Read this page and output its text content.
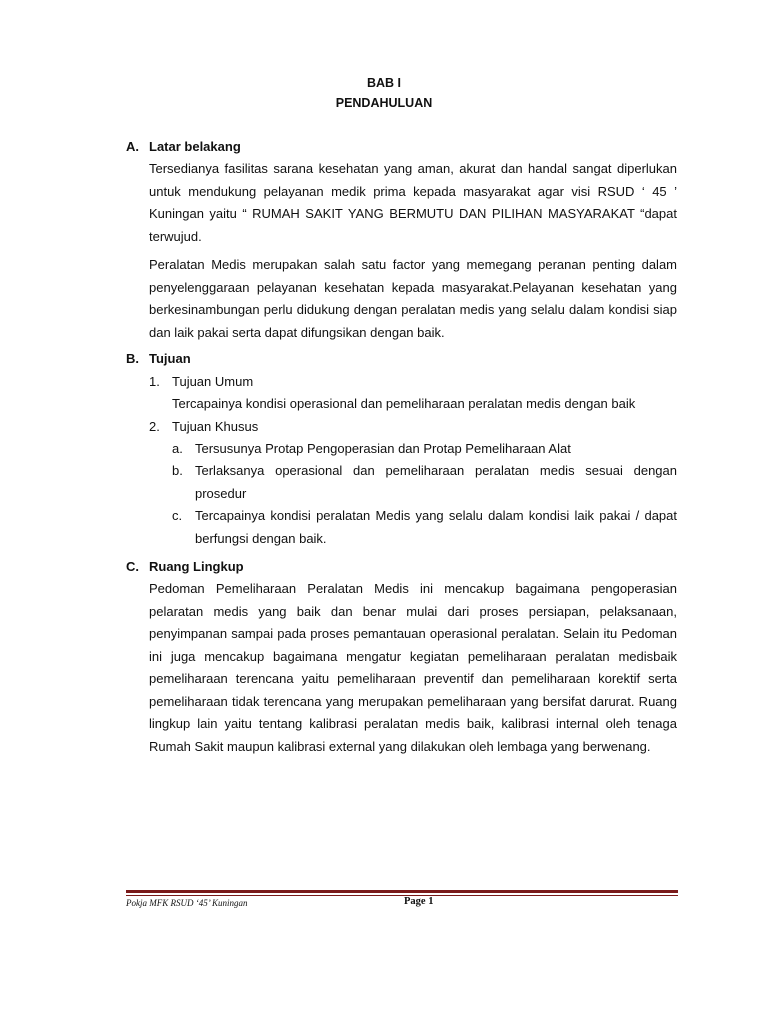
BAB I
PENDAHULUAN
A. Latar belakang
Tersedianya fasilitas sarana kesehatan yang aman, akurat dan handal sangat diperlukan untuk mendukung pelayanan medik prima kepada masyarakat agar visi RSUD ‘ 45 ’ Kuningan yaitu “ RUMAH SAKIT YANG BERMUTU DAN PILIHAN MASYARAKAT “dapat terwujud.
Peralatan Medis merupakan salah satu factor yang memegang peranan penting dalam penyelenggaraan pelayanan kesehatan kepada masyarakat.Pelayanan kesehatan yang berkesinambungan perlu didukung dengan peralatan medis yang selalu dalam kondisi siap dan laik pakai serta dapat difungsikan dengan baik.
B. Tujuan
1. Tujuan Umum
Tercapainya kondisi operasional dan pemeliharaan peralatan medis dengan baik
2. Tujuan Khusus
a. Tersusunya Protap Pengoperasian dan Protap Pemeliharaan Alat
b. Terlaksanya operasional dan pemeliharaan peralatan medis sesuai dengan prosedur
c. Tercapainya kondisi peralatan Medis yang selalu dalam kondisi laik pakai / dapat berfungsi dengan baik.
C. Ruang Lingkup
Pedoman Pemeliharaan Peralatan Medis ini mencakup bagaimana pengoperasian pelaratan medis yang baik dan benar mulai dari proses persiapan, pelaksanaan, penyimpanan sampai pada proses pemantauan operasional peralatan. Selain itu Pedoman ini juga mencakup bagaimana mengatur kegiatan pemeliharaan peralatan medisbaik pemeliharaan terencana yaitu pemeliharaan preventif dan pemeliharaan korektif serta pemeliharaan tidak terencana yang merupakan pemeliharaan yang bersifat darurat. Ruang lingkup lain yaitu tentang kalibrasi peralatan medis baik, kalibrasi internal oleh tenaga Rumah Sakit maupun kalibrasi external yang dilakukan oleh lembaga yang berwenang.
Pokja MFK RSUD ‘45’ Kuningan	Page 1
